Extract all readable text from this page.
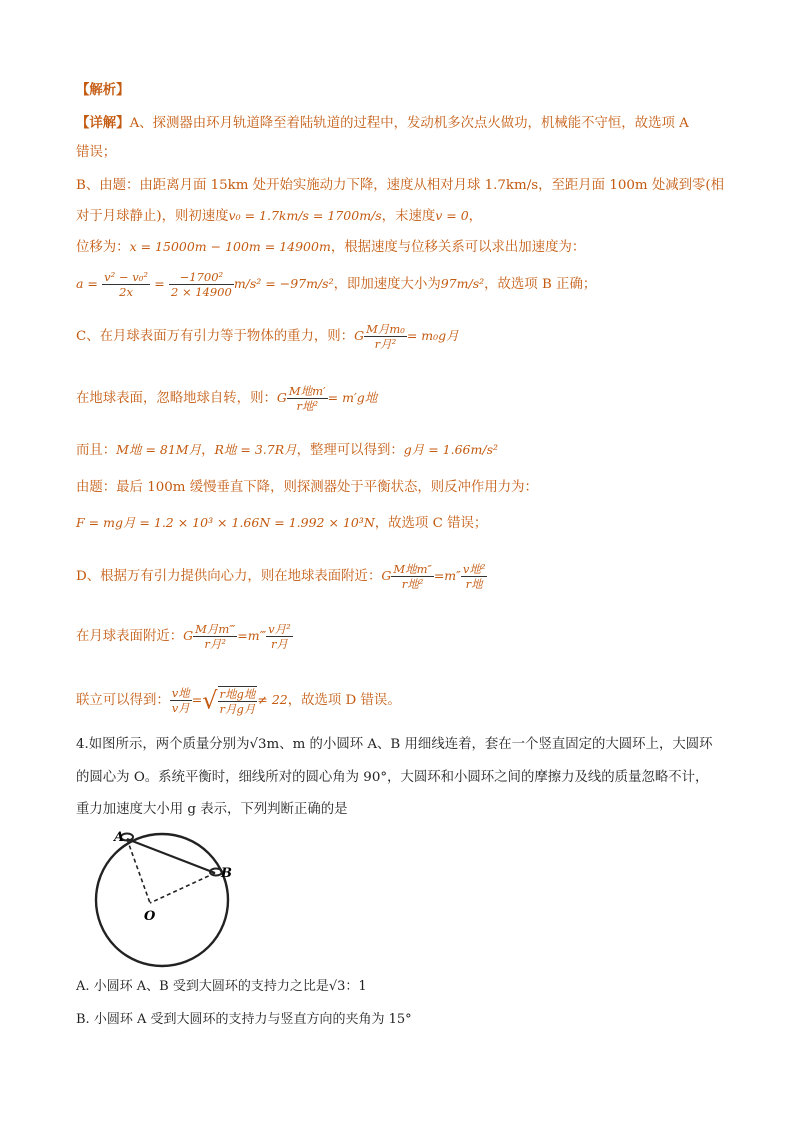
【解析】
【详解】A、探测器由环月轨道降至着陆轨道的过程中，发动机多次点火做功，机械能不守恒，故选项 A
错误；
B、由题：由距离月面 15km 处开始实施动力下降，速度从相对月球 1.7km/s，至距月面 100m 处减到零(相
对于月球静止)，则初速度v₀ = 1.7km/s = 1700m/s，末速度v = 0，
位移为：x = 15000m − 100m = 14900m，根据速度与位移关系可以求出加速度为：
$a = \frac{\text{v² − v₀²}}{2x} = \frac{\text{−1700²}}{2 \times 14900} m/s^2 = -97m/s^2$，即加速度大小为97m/s²，故选项 B 正确；
C、在月球表面万有引力等于物体的重力，则：G $\frac{\text{M月m₀}}{\text{r月²}} = m_0g$月
在地球表面，忽略地球自转，则：G $\frac{\text{M地m′}}{\text{r地²}} = m'g$地
而且：M地 = 81M月，R地 = 3.7R月，整理可以得到：g月 = 1.66m/s²
由题：最后 100m 缓慢垂直下降，则探测器处于平衡状态，则反冲作用力为：
F = mg月 = 1.2 × 10³ × 1.66N = 1.992 × 10³N，故选项 C 错误；
D、根据万有引力提供向心力，则在地球表面附近：G $\frac{\text{M地m″}}{\text{r地²}} =m'' \frac{\text{v地²}}{\text{r地}}$
在月球表面附近：G $\frac{\text{M月m‴}}{\text{r月²}}$ =m‴ $\frac{\text{v月²}}{\text{r月}}$
联立可以得到： $\frac{\text{v地}}{\text{v月}}$ =√ $\frac{\text{r地g地}}{\text{r月g月}} \ne 22$，故选项 D 错误。
4.如图所示，两个质量分别为√3m、m 的小圆环 A、B 用细线连着，套在一个竖直固定的大圆环上，大圆环
的圆心为 O。系统平衡时，细线所对的圆心角为 90°，大圆环和小圆环之间的摩擦力及线的质量忽略不计，
重力加速度大小用 g 表示，下列判断正确的是
A
B
O
A. 小圆环 A、B 受到大圆环的支持力之比是√3：1
B. 小圆环 A 受到大圆环的支持力与竖直方向的夹角为 15°
